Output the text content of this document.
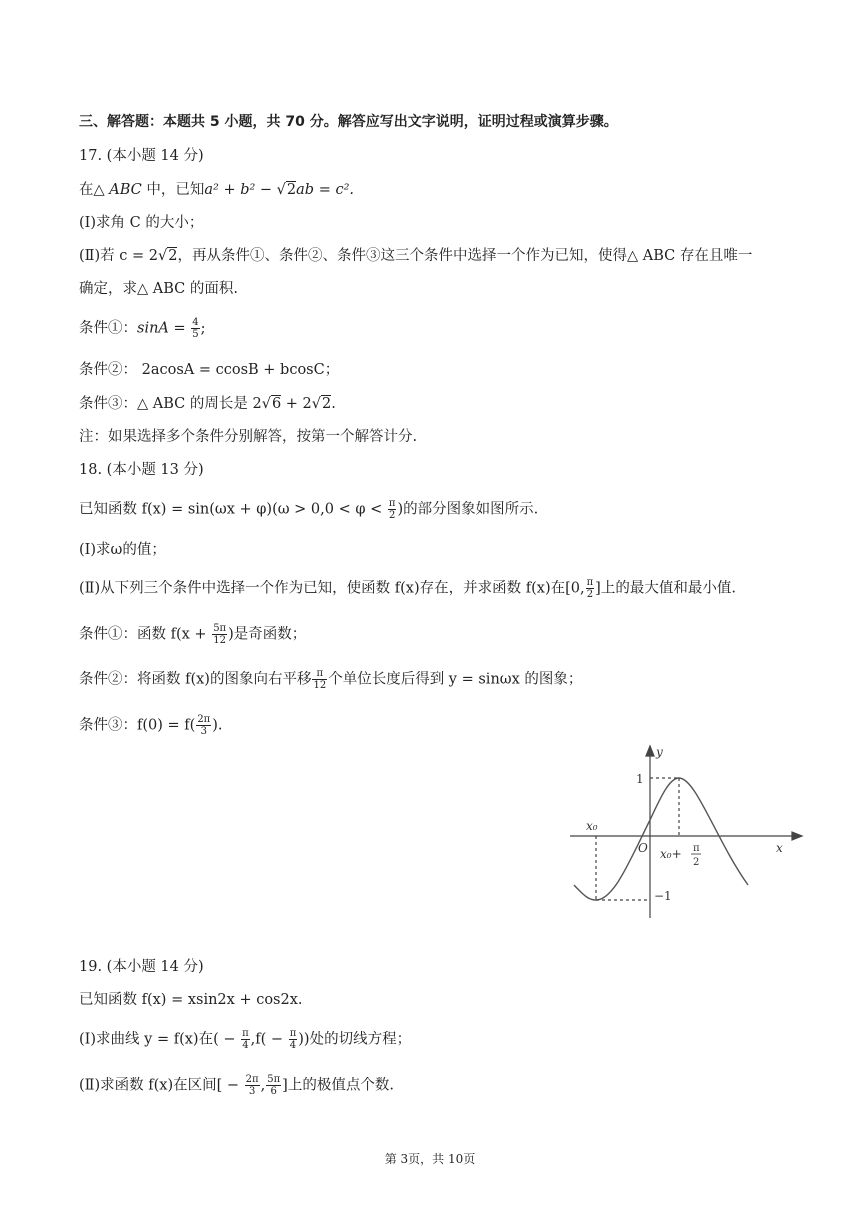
三、解答题：本题共 5 小题，共 70 分。解答应写出文字说明，证明过程或演算步骤。
17. (本小题 14 分)
在△ ABC 中，已知a² + b² − √2ab = c².
(Ⅰ)求角 C 的大小；
(Ⅱ)若 c = 2√2，再从条件①、条件②、条件③这三个条件中选择一个作为已知，使得△ ABC 存在且唯一
确定，求△ ABC 的面积.
条件①：$\sin A = \frac{4}{5}$ ;
条件②： 2acosA = ccosB + bcosC；
条件③：△ ABC 的周长是 2√6 + 2√2.
注：如果选择多个条件分别解答，按第一个解答计分.
18. (本小题 13 分)
已知函数 $f(x) = \sin(\omega x + \varphi)(\omega > 0,0 < \varphi < \frac{\pi}{2}$ )的部分图象如图所示.
(Ⅰ)求ω的值；
(Ⅱ)从下列三个条件中选择一个作为已知，使函数 f(x)存在，并求函数 f(x)在[0, $\frac{\pi}{2}$ ]上的最大值和最小值.
条件①：函数 $f(x + \frac{5\pi}{12}$ )是奇函数；
条件②：将函数 f(x)的图象向右平移 $\frac{\pi}{12}$ 个单位长度后得到 y = sinωx 的图象；
条件③：$f(0) = f( \frac{2\pi}{3}$ ).
y
x
1
−1
O
x₀
x₀+ π
2
19. (本小题 14 分)
已知函数 f(x) = xsin2x + cos2x.
(Ⅰ)求曲线 y = f(x)在( − $\frac{\pi}{4} ,f( - \frac{\pi}{4}$ ))处的切线方程；
(Ⅱ)求函数 f(x)在区间[ − $\frac{2\pi}{3}$ , $\frac{5\pi}{6}$ ]上的极值点个数.
第 3页，共 10页
